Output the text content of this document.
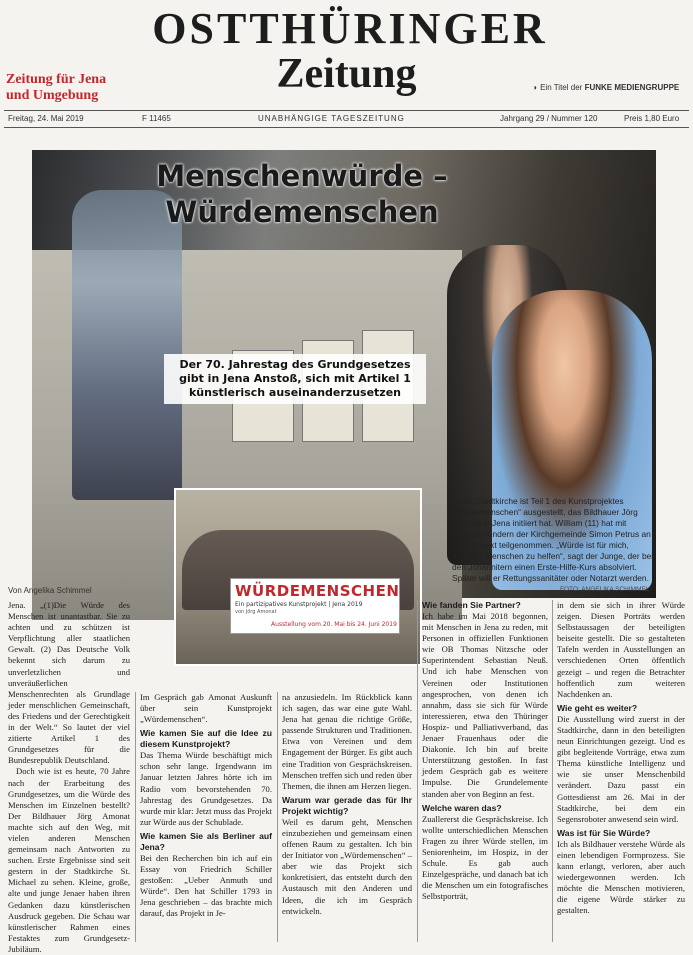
OSTTHÜRINGER
Zeitung
Zeitung für Jena
und Umgebung
◗ Ein Titel der FUNKE MEDIENGRUPPE
Freitag, 24. Mai 2019	F 11465	UNABHÄNGIGE TAGESZEITUNG	Jahrgang 29 / Nummer 120	Preis 1,80 Euro
Menschenwürde –
Würdemenschen
Der 70. Jahrestag des Grundgesetzes gibt in Jena Anstoß, sich mit Artikel 1 künstlerisch auseinanderzusetzen
WÜRDEMENSCHEN
Ein partizipatives Kunstprojekt | Jena 2019
von Jörg Amonat
Ausstellung vom 20. Mai bis 24. Juni 2019
In der Stadtkirche ist Teil 1 des Kunstprojektes „Würdemenschen“ ausgestellt, das Bildhauer Jörg Amonat in Jena initiiert hat. William (11) hat mit anderen Kindern der Kirchgemeinde Simon Petrus an dem Projekt teilgenommen. „Würde ist für mich, anderen Menschen zu helfen“, sagt der Junge, der bei den Johannitern einen Erste-Hilfe-Kurs absolviert. Später will er Rettungssanitäter oder Notarzt werden.
FOTO: ANGELIKA SCHIMMEL
Von Angelika Schimmel

Jena. „(1)Die Würde des Menschen ist unantastbar. Sie zu achten und zu schützen ist Verpflichtung aller staatlichen Gewalt. (2) Das Deutsche Volk bekennt sich darum zu unverletzlichen und unveräußerlichen Menschenrechten als Grundlage jeder menschlichen Gemeinschaft, des Friedens und der Gerechtigkeit in der Welt.“ So lautet der viel zitierte Artikel 1 des Grundgesetzes für die Bundesrepublik Deutschland.

Doch wie ist es heute, 70 Jahre nach der Erarbeitung des Grundgesetzes, um die Würde des Menschen im Einzelnen bestellt? Der Bildhauer Jörg Amonat machte sich auf den Weg, mit vielen anderen Menschen gemeinsam nach Antworten zu suchen. Erste Ergebnisse sind seit gestern in der Stadtkirche St. Michael zu sehen. Kleine, große, alte und junge Jenaer haben ihren Gedanken dazu künstlerischen Ausdruck gegeben. Die Schau war künstlerischer Rahmen eines Festaktes zum Grundgesetz-Jubiläum.

Im Gespräch gab Amonat Auskunft über sein Kunstprojekt „Würdemenschen“.

Wie kamen Sie auf die Idee zu diesem Kunstprojekt?

Das Thema Würde beschäftigt mich schon sehr lange. Irgendwann im Januar letzten Jahres hörte ich im Radio vom bevorstehenden 70. Jahrestag des Grundgesetzes. Da wurde mir klar: Jetzt muss das Projekt zur Würde aus der Schublade.

Wie kamen Sie als Berliner auf Jena?

Bei den Recherchen bin ich auf ein Essay von Friedrich Schiller gestoßen: „Ueber Anmuth und Würde“. Den hat Schiller 1793 in Jena geschrieben – das brachte mich darauf, das Projekt in Je-

na anzusiedeln. Im Rückblick kann ich sagen, das war eine gute Wahl. Jena hat genau die richtige Größe, passende Strukturen und Traditionen. Etwa von Vereinen und dem Engagement der Bürger. Es gibt auch eine Tradition von Gesprächskreisen. Menschen treffen sich und reden über Themen, die ihnen am Herzen liegen.

Warum war gerade das für Ihr Projekt wichtig?

Weil es darum geht, Menschen einzubeziehen und gemeinsam einen offenen Raum zu gestalten. Ich bin der Initiator von „Würdemenschen“ – aber wie das Projekt sich konkretisiert, das entsteht durch den Austausch mit den Anderen und Ideen, die ich im Gespräch entwickeln.

Wie fanden Sie Partner?

Ich habe im Mai 2018 begonnen, mit Menschen in Jena zu reden, mit Personen in offiziellen Funktionen wie OB Thomas Nitzsche oder Superintendent Sebastian Neuß. Und ich habe Menschen von Vereinen oder Institutionen angesprochen, von denen ich annahm, dass sie sich für Würde interessieren, etwa den Thüringer Hospiz- und Palliativverband, das Jenaer Frauenhaus oder die Diakonie. Ich bin auf breite Unterstützung gestoßen. In fast jedem Gespräch gab es weitere Impulse. Die Grundelemente standen aber von Beginn an fest.

Welche waren das?

Zuallererst die Gesprächskreise. Ich wollte unterschiedlichen Menschen Fragen zu ihrer Würde stellen, im Seniorenheim, im Hospiz, in der Schule. Es gab auch Einzelgespräche, und danach bat ich die Menschen um ein fotografisches Selbstporträt,

in dem sie sich in ihrer Würde zeigen. Diesen Porträts werden Selbstaussagen der beteiligten beiseite gestellt. Die so gestalteten Tafeln werden in Ausstellungen an verschiedenen Orten öffentlich gezeigt – und regen die Betrachter hoffentlich zum weiteren Nachdenken an.

Wie geht es weiter?

Die Ausstellung wird zuerst in der Stadtkirche, dann in den beteiligten neun Einrichtungen gezeigt. Und es gibt begleitende Vorträge, etwa zum Thema künstliche Intelligenz und wie sie unser Menschenbild verändert. Dazu passt ein Gottesdienst am 26. Mai in der Stadtkirche, bei dem ein Segensroboter anwesend sein wird.

Was ist für Sie Würde?

Ich als Bildhauer verstehe Würde als einen lebendigen Formprozess. Sie kann erlangt, verloren, aber auch wiedergewonnen werden. Ich möchte die Menschen motivieren, die eigene Würde stärker zu gestalten.
